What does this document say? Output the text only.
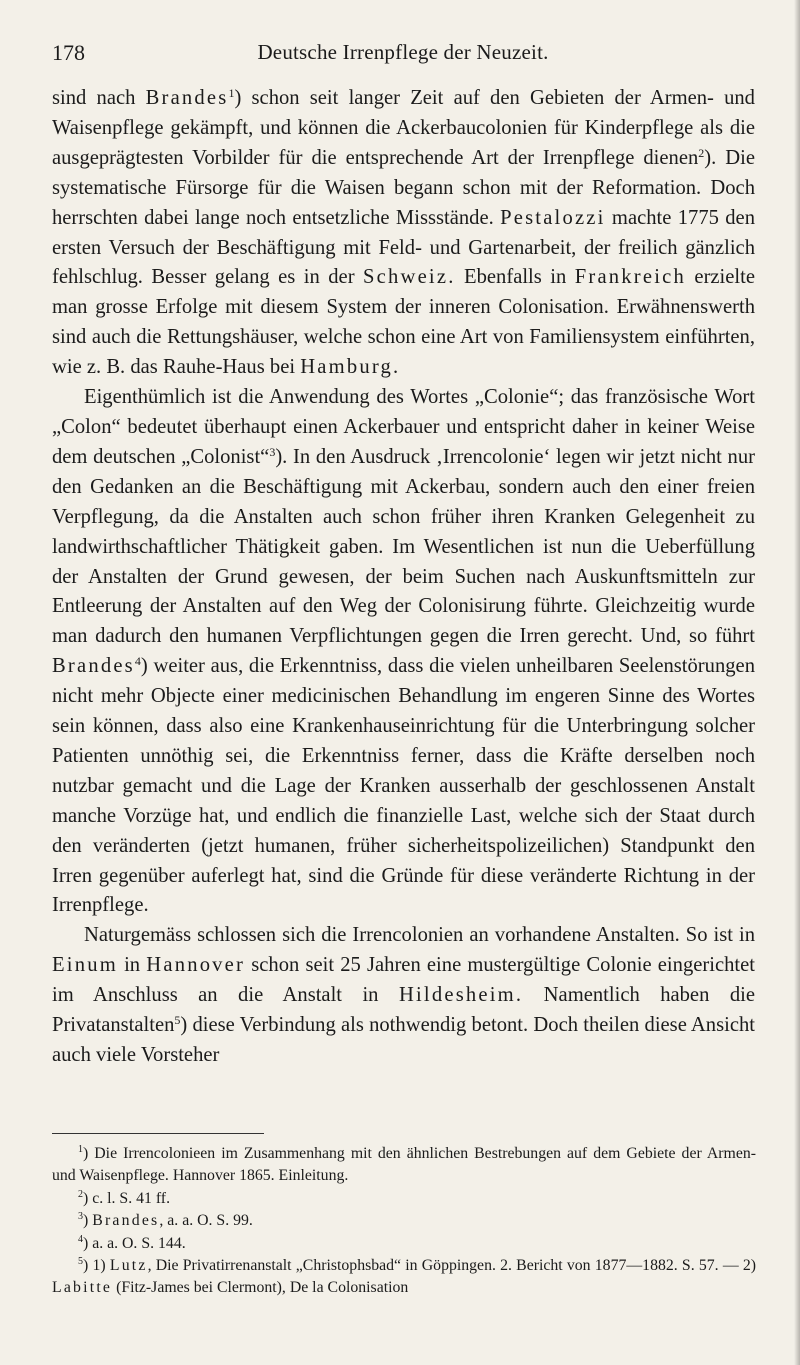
178	Deutsche Irrenpflege der Neuzeit.

sind nach Brandes$^1$) schon seit langer Zeit auf den Gebieten der Armen- und Waisenpflege gekämpft, und können die Ackerbaucolonien für Kinderpflege als die ausgeprägtesten Vorbilder für die entsprechende Art der Irrenpflege dienen$^2$). Die systematische Fürsorge für die Waisen begann schon mit der Reformation. Doch herrschten dabei lange noch entsetzliche Missstände. Pestalozzi machte 1775 den ersten Versuch der Beschäftigung mit Feld- und Gartenarbeit, der freilich gänzlich fehlschlug. Besser gelang es in der Schweiz. Ebenfalls in Frankreich erzielte man grosse Erfolge mit diesem System der inneren Colonisation. Erwähnenswerth sind auch die Rettungshäuser, welche schon eine Art von Familiensystem einführten, wie z. B. das Rauhe-Haus bei Hamburg.

Eigenthümlich ist die Anwendung des Wortes „Colonie“; das französische Wort „Colon“ bedeutet überhaupt einen Ackerbauer und entspricht daher in keiner Weise dem deutschen „Colonist“$^3$). In den Ausdruck ‚Irrencolonie‘ legen wir jetzt nicht nur den Gedanken an die Beschäftigung mit Ackerbau, sondern auch den einer freien Verpflegung, da die Anstalten auch schon früher ihren Kranken Gelegenheit zu landwirthschaftlicher Thätigkeit gaben. Im Wesentlichen ist nun die Ueberfüllung der Anstalten der Grund gewesen, der beim Suchen nach Auskunftsmitteln zur Entleerung der Anstalten auf den Weg der Colonisirung führte. Gleichzeitig wurde man dadurch den humanen Verpflichtungen gegen die Irren gerecht. Und, so führt Brandes$^4$) weiter aus, die Erkenntniss, dass die vielen unheilbaren Seelenstörungen nicht mehr Objecte einer medicinischen Behandlung im engeren Sinne des Wortes sein können, dass also eine Krankenhauseinrichtung für die Unterbringung solcher Patienten unnöthig sei, die Erkenntniss ferner, dass die Kräfte derselben noch nutzbar gemacht und die Lage der Kranken ausserhalb der geschlossenen Anstalt manche Vorzüge hat, und endlich die finanzielle Last, welche sich der Staat durch den veränderten (jetzt humanen, früher sicherheitspolizeilichen) Standpunkt den Irren gegenüber auferlegt hat, sind die Gründe für diese veränderte Richtung in der Irrenpflege.

Naturgemäss schlossen sich die Irrencolonien an vorhandene Anstalten. So ist in Einum in Hannover schon seit 25 Jahren eine mustergültige Colonie eingerichtet im Anschluss an die Anstalt in Hildesheim. Namentlich haben die Privatanstalten$^5$) diese Verbindung als nothwendig betont. Doch theilen diese Ansicht auch viele Vorsteher

$^1$) Die Irrencolonieen im Zusammenhang mit den ähnlichen Bestrebungen auf dem Gebiete der Armen- und Waisenpflege. Hannover 1865. Einleitung.

$^2$) c. l. S. 41 ff.

$^3$) Brandes, a. a. O. S. 99.

$^4$) a. a. O. S. 144.

$^5$) 1) Lutz, Die Privatirrenanstalt „Christophsbad“ in Göppingen. 2. Bericht von 1877—1882. S. 57. — 2) Labitte (Fitz-James bei Clermont), De la Colonisation
